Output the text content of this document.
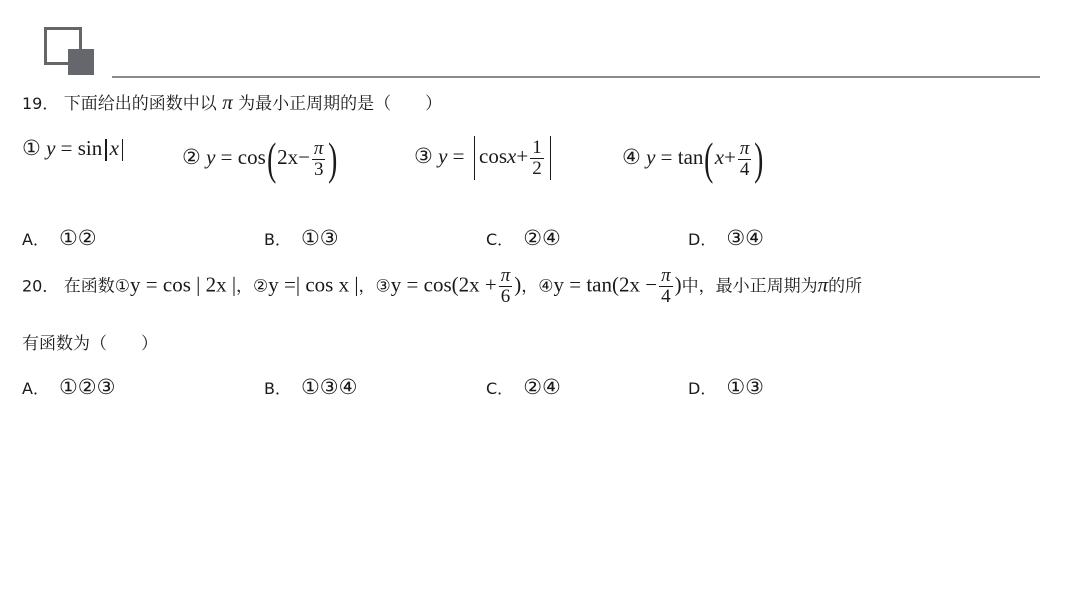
19． 下面给出的函数中以 π 为最小正周期的是（　　）
① y = sin x	② $y = \cos(2x- \frac{\pi}{3}$ )	③ $y = \cos x+ \frac{1}{2}$	④ $y = \tan(x+ \frac{\pi}{4}$ )
A． ①②	B． ①③	C． ②④	D． ③④
20． 在函数①y = cos | 2x |，②y =| cos x |，③y = $\cos(2x + \frac{\pi}{6}$ )，④y = $\tan(2x - \frac{\pi}{4}$ )中，最小正周期为π的所
有函数为（　　）
A． ①②③	B． ①③④	C． ②④	D． ①③
